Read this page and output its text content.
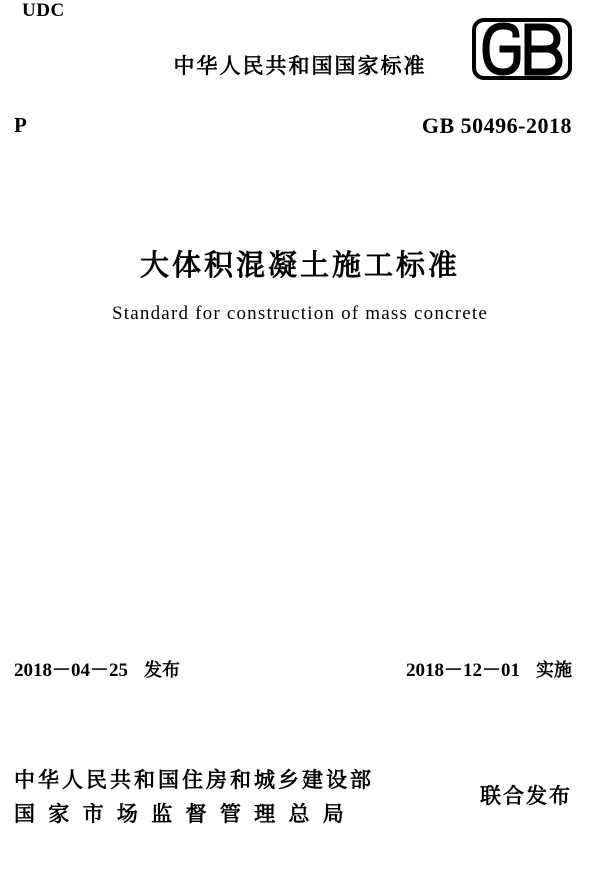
UDC
中华人民共和国国家标准
P	GB 50496-2018
大体积混凝土施工标准
Standard for construction of mass concrete
2018－04－25 发布	2018－12－01 实施
中华人民共和国住房和城乡建设部
国 家 市 场 监 督 管 理 总 局
联合发布
